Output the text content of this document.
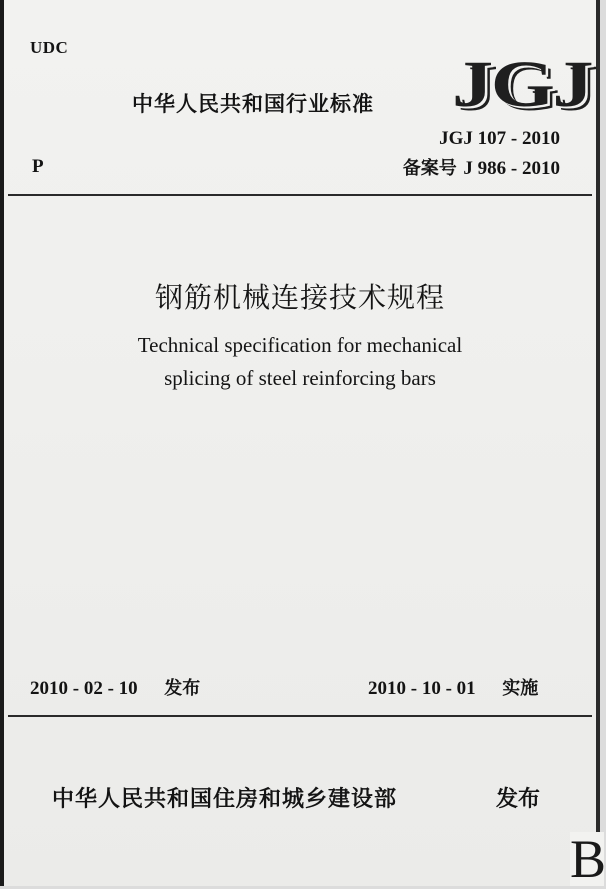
UDC
中华人民共和国行业标准 JGJ
JGJ 107 - 2010
P	备案号 J 986 - 2010
钢筋机械连接技术规程
Technical specification for mechanical
splicing of steel reinforcing bars
2010 - 02 - 10 发布	2010 - 10 - 01 实施
中华人民共和国住房和城乡建设部	发布
B
